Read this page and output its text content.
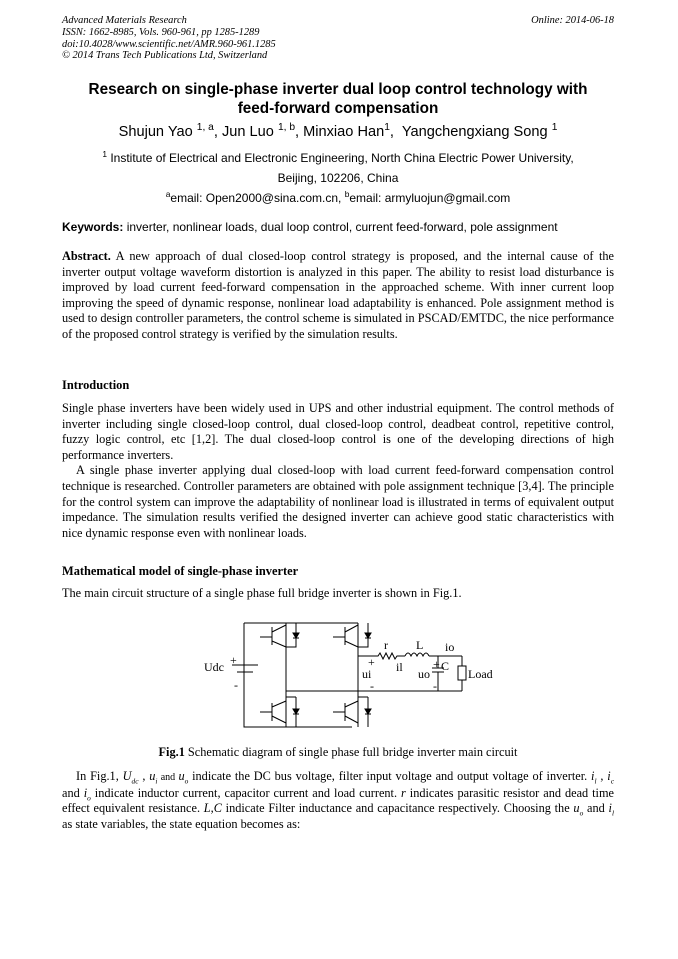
Advanced Materials Research
ISSN: 1662-8985, Vols. 960-961, pp 1285-1289
doi:10.4028/www.scientific.net/AMR.960-961.1285
© 2014 Trans Tech Publications Ltd, Switzerland
Online: 2014-06-18
Research on single-phase inverter dual loop control technology with
feed-forward compensation
Shujun Yao $^{1, a}$, Jun Luo $^{1, b}$, Minxiao Han$^1$,  Yangchengxiang Song $^1$
$^1$ Institute of Electrical and Electronic Engineering, North China Electric Power University,
Beijing, 102206, China
$^a$email: Open2000@sina.com.cn, $^b$email: armyluojun@gmail.com
Keywords: inverter, nonlinear loads, dual loop control, current feed-forward, pole assignment
Abstract. A new approach of dual closed-loop control strategy is proposed, and the internal cause of the inverter output voltage waveform distortion is analyzed in this paper. The ability to resist load disturbance is improved by load current feed-forward compensation in the approached scheme. With inner current loop improving the speed of dynamic response, nonlinear load adaptability is enhanced. Pole assignment method is used to design controller parameters, the control scheme is simulated in PSCAD/EMTDC, the nice performance of the proposed control strategy is verified by the simulation results.
Introduction
Single phase inverters have been widely used in UPS and other industrial equipment. The control methods of inverter including single closed-loop control, dual closed-loop control, deadbeat control, repetitive control, fuzzy logic control, etc [1,2]. The dual closed-loop control is one of the developing directions of high performance inverters.
A single phase inverter applying dual closed-loop with load current feed-forward compensation control technique is researched. Controller parameters are obtained with pole assignment technique [3,4]. The principle for the control system can improve the adaptability of nonlinear load is illustrated in terms of equivalent output impedance. The simulation results verified the designed inverter can achieve good static characteristics with nice dynamic response even with nonlinear loads.
Mathematical model of single-phase inverter
The main circuit structure of a single phase full bridge inverter is shown in Fig.1.
Udc +
-
r L io
il
+
ui
-
uo
+ C
-
Load
Fig.1 Schematic diagram of single phase full bridge inverter main circuit
In Fig.1, $U_{dc}$ , $u_i$ and $u_o$ indicate the DC bus voltage, filter input voltage and output voltage of inverter. $i_l$ , $i_c$ and $i_o$ indicate inductor current, capacitor current and load current. r indicates parasitic resistor and dead time effect equivalent resistance. L,C indicate Filter inductance and capacitance respectively. Choosing the $u_o$ and $i_l$ as state variables, the state equation becomes as:
